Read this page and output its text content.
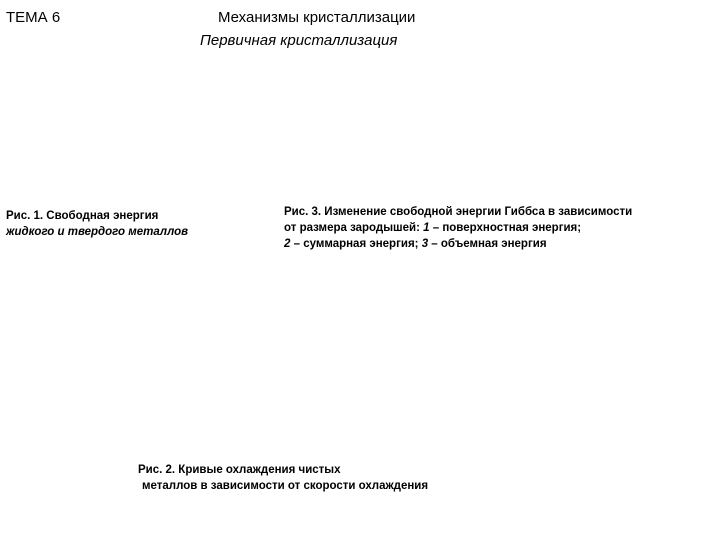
ТЕМА 6	Механизмы кристаллизации
Первичная кристаллизация
Рис. 1. Свободная энергия
жидкого и твердого металлов
Рис. 3. Изменение свободной энергии Гиббса в зависимости
от размера зародышей: 1 – поверхностная энергия;
2 – суммарная энергия; 3 – объемная энергия
Рис. 2. Кривые охлаждения чистых
металлов в зависимости от скорости охлаждения
